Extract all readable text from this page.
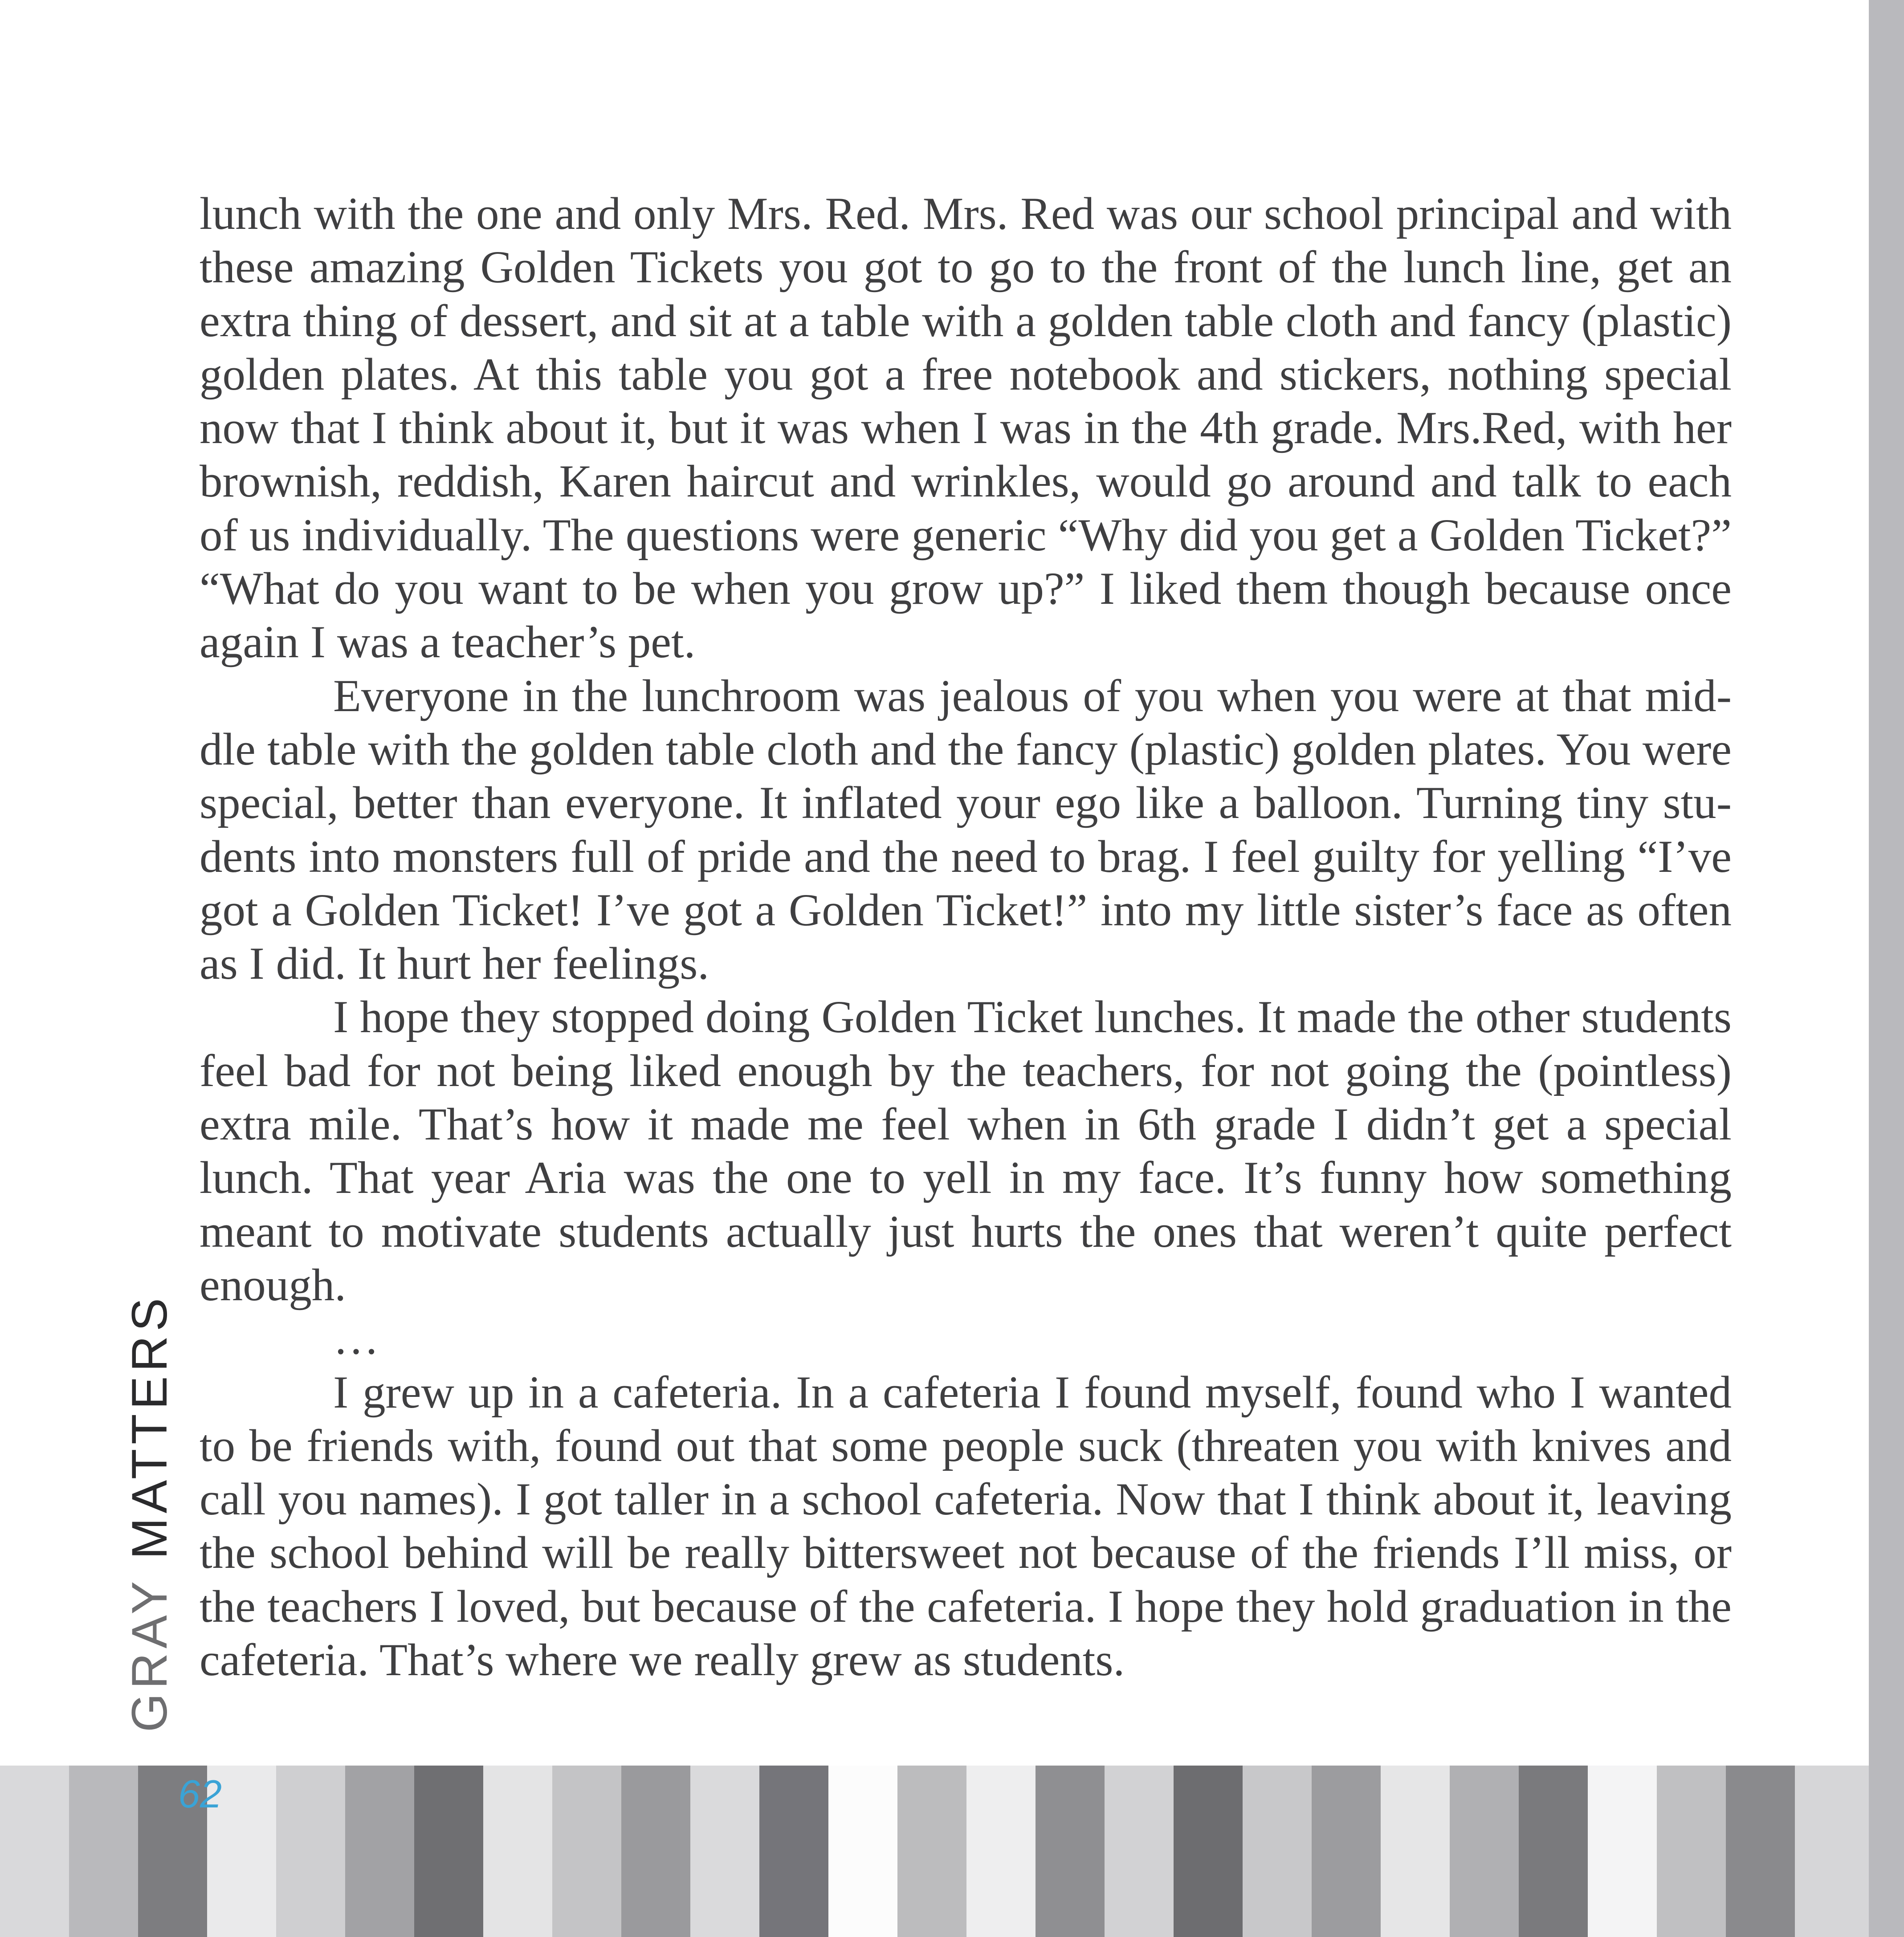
lunch with the one and only Mrs. Red. Mrs. Red was our school principal and with these amazing Golden Tickets you got to go to the front of the lunch line, get an extra thing of dessert, and sit at a table with a golden table cloth and fancy (plastic) golden plates. At this table you got a free notebook and stickers, nothing special now that I think about it, but it was when I was in the 4th grade. Mrs.Red, with her brownish, reddish, Karen haircut and wrinkles, would go around and talk to each of us individually. The questions were generic “Why did you get a Golden Ticket?” “What do you want to be when you grow up?” I liked them though because once again I was a teacher’s pet.

Everyone in the lunchroom was jealous of you when you were at that middle table with the golden table cloth and the fancy (plastic) golden plates. You were special, better than everyone. It inflated your ego like a balloon. Turning tiny students into monsters full of pride and the need to brag. I feel guilty for yelling “I’ve got a Golden Ticket! I’ve got a Golden Ticket!” into my little sister’s face as often as I did. It hurt her feelings.

I hope they stopped doing Golden Ticket lunches. It made the other students feel bad for not being liked enough by the teachers, for not going the (pointless) extra mile. That’s how it made me feel when in 6th grade I didn’t get a special lunch. That year Aria was the one to yell in my face. It’s funny how something meant to motivate students actually just hurts the ones that weren’t quite perfect enough.

…

I grew up in a cafeteria. In a cafeteria I found myself, found who I wanted to be friends with, found out that some people suck (threaten you with knives and call you names). I got taller in a school cafeteria. Now that I think about it, leaving the school behind will be really bittersweet not because of the friends I’ll miss, or the teachers I loved, but because of the cafeteria. I hope they hold graduation in the cafeteria. That’s where we really grew as students.

GRAY MATTERS
62
